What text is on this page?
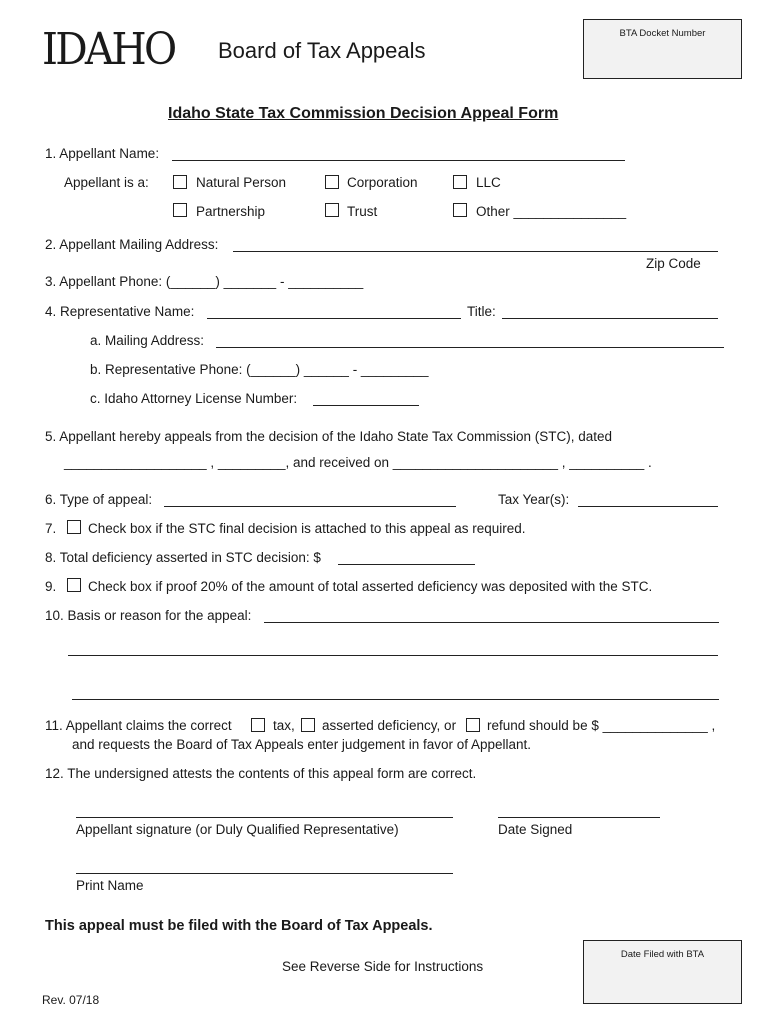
IDAHO Board of Tax Appeals
BTA Docket Number
Idaho State Tax Commission Decision Appeal Form
1. Appellant Name:
Appellant is a:	Natural Person	Corporation	LLC
Partnership	Trust	Other _______________
2. Appellant Mailing Address:
Zip Code
3. Appellant Phone: (______) _______ - __________
4. Representative Name:	Title:
a. Mailing Address:
b. Representative Phone: (______) ______ - _________
c. Idaho Attorney License Number:
5. Appellant hereby appeals from the decision of the Idaho State Tax Commission (STC), dated
___________________ , _________, and received on ______________________ , __________ .
6. Type of appeal:	Tax Year(s):
7. Check box if the STC final decision is attached to this appeal as required.
8. Total deficiency asserted in STC decision: $
9. Check box if proof 20% of the amount of total asserted deficiency was deposited with the STC.
10. Basis or reason for the appeal:
11. Appellant claims the correct	tax, asserted deficiency, or refund should be $ ______________ ,
and requests the Board of Tax Appeals enter judgement in favor of Appellant.
12. The undersigned attests the contents of this appeal form are correct.
Appellant signature (or Duly Qualified Representative)	Date Signed
Print Name
This appeal must be filed with the Board of Tax Appeals.
Date Filed with BTA
See Reverse Side for Instructions
Rev. 07/18
